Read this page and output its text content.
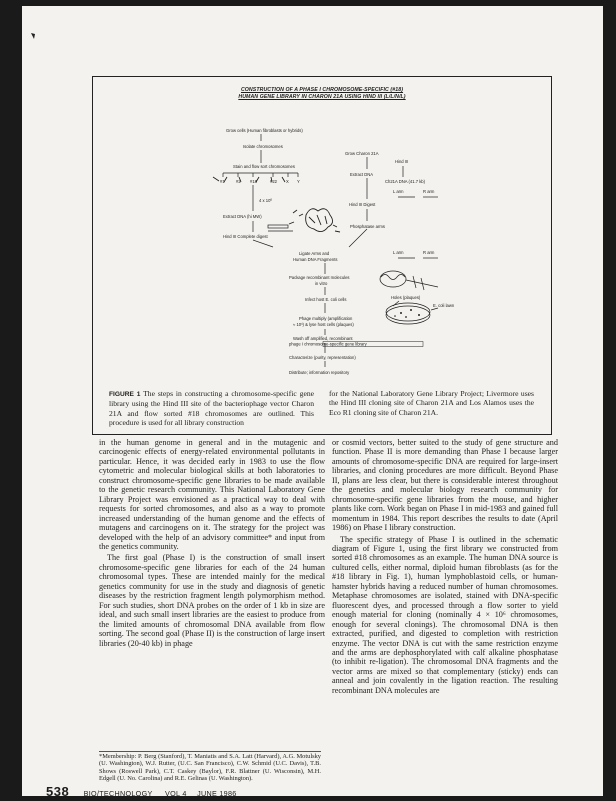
CONSTRUCTION OF A PHASE I CHROMOSOME-SPECIFIC (#18)
HUMAN GENE LIBRARY IN CHARON 21A USING HIND III (L/L/N/L)
Grow cells (Human fibroblasts or hybrids)
Isolate chromosomes
Stain and flow sort chromosomes
#1	#2 #18	#22 X Y
4 x $10^6$
Extract DNA (hi MW)
Hind III Complete digest
Grow Charon 21A
Extract DNA
Hind III
Ch21A DNA (41.7 kb)
Hind III Digest
L arm	R arm
Phosphatase arms
L arm	R arm
Ligate Arms and
Human DNA Fragments
Package recombinant molecules
in vitro
Infect host E. coli cells	Holes (plaques)
E. coli lawn
Phage multiply (amplification
≈ 10³) & lyse host cells (plaques)
Wash off amplified, recombinant
phage I chromosome-specific gene library
Characterize (purity, representation)
Distribute; information repository
FIGURE 1 The steps in constructing a chromosome-specific gene library using the Hind III site of the bacteriophage vector Charon 21A and flow sorted #18 chromosomes are outlined. This procedure is used for all library construction
for the National Laboratory Gene Library Project; Livermore uses the Hind III cloning site of Charon 21A and Los Alamos uses the Eco R1 cloning site of Charon 21A.

in the human genome in general and in the mutagenic and carcinogenic effects of energy-related environmental pollutants in particular. Hence, it was decided early in 1983 to use the flow cytometric and molecular biological skills at both laboratories to construct chromosome-specific gene libraries to be made available to the genetic research community. This National Laboratory Gene Library Project was envisioned as a practical way to deal with requests for sorted chromosomes, and also as a way to promote increased understanding of the human genome and the effects of mutagens and carcinogens on it. The strategy for the project was developed with the help of an advisory committee* and input from the genetics community.

The first goal (Phase I) is the construction of small insert chromosome-specific gene libraries for each of the 24 human chromosomal types. These are intended mainly for the medical genetics community for use in the study and diagnosis of genetic diseases by the restriction fragment length polymorphism method. For such studies, short DNA probes on the order of 1 kb in size are ideal, and such small insert libraries are the easiest to produce from the limited amounts of chromosomal DNA available from flow sorting. The second goal (Phase II) is the construction of large insert libraries (20-40 kb) in phage

or cosmid vectors, better suited to the study of gene structure and function. Phase II is more demanding than Phase I because larger amounts of chromosome-specific DNA are required for large-insert libraries, and cloning procedures are more difficult. Beyond Phase II, plans are less clear, but there is considerable interest throughout the genetics and molecular biology research community for chromosome-specific gene libraries from the mouse, and higher plants like corn. Work began on Phase I in mid-1983 and gained full momentum in 1984. This report describes the results to date (April 1986) on Phase I library construction.

The specific strategy of Phase I is outlined in the schematic diagram of Figure 1, using the first library we constructed from sorted #18 chromosomes as an example. The human DNA source is cultured cells, either normal, diploid human fibroblasts (as for the #18 library in Fig. 1), human lymphoblastoid cells, or human-hamster hybrids having a reduced number of human chromosomes. Metaphase chromosomes are isolated, stained with DNA-specific fluorescent dyes, and processed through a flow sorter to yield enough material for cloning (nominally 4 × 10⁶ chromosomes, enough for several clonings). The chromosomal DNA is then extracted, purified, and digested to completion with restriction enzyme. The vector DNA is cut with the same restriction enzyme and the arms are dephosphorylated with calf alkaline phosphatase (to inhibit re-ligation). The chromosomal DNA fragments and the vector arms are mixed so that complementary (sticky) ends can anneal and join covalently in the ligation reaction. The resulting recombinant DNA molecules are

*Membership: P. Berg (Stanford), T. Maniatis and S.A. Latt (Harvard), A.G. Motulsky (U. Washington), W.J. Rutter, (U.C. San Francisco), C.W. Schmid (U.C. Davis), T.B. Shows (Roswell Park), C.T. Caskey (Baylor), F.R. Blattner (U. Wisconsin), M.H. Edgell (U. No. Carolina) and R.E. Gelinas (U. Washington).
538 BIO/TECHNOLOGY VOL 4 JUNE 1986
